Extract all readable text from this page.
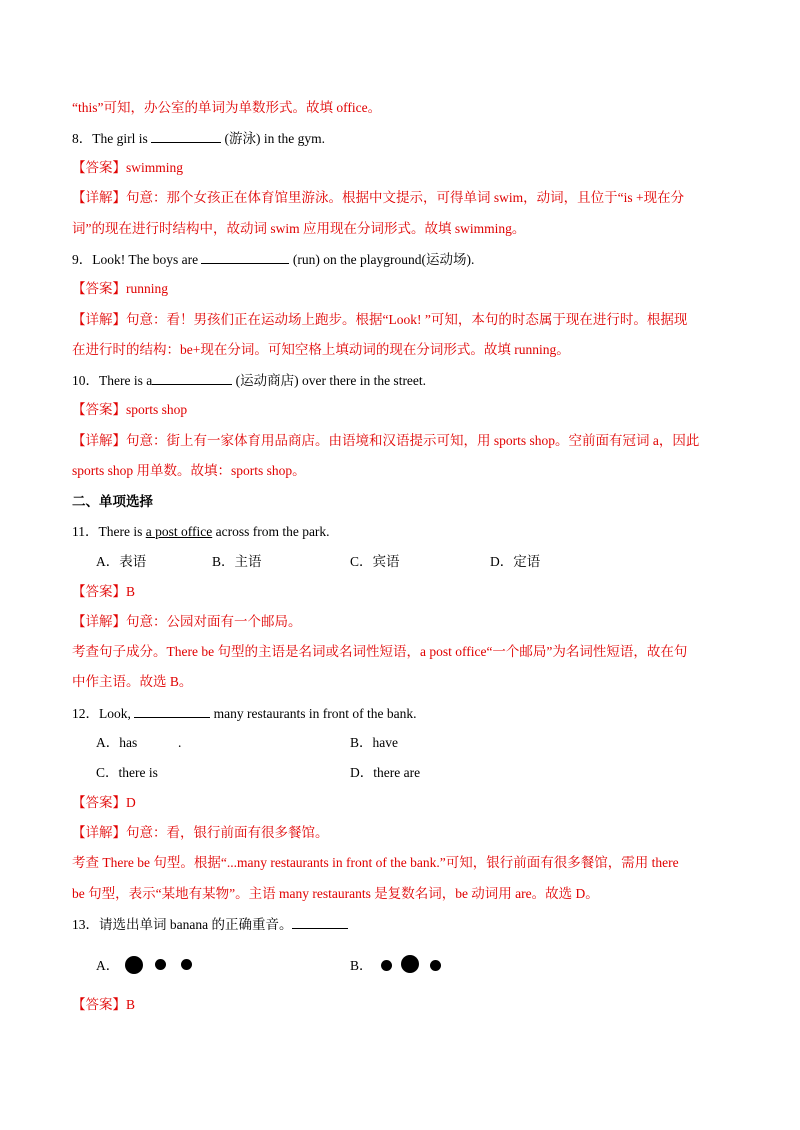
“this”可知，办公室的单词为单数形式。故填 office。
8．The girl is	(游泳) in the gym.
【答案】swimming
【详解】句意：那个女孩正在体育馆里游泳。根据中文提示，可得单词 swim，动词，且位于“is +现在分
词”的现在进行时结构中，故动词 swim 应用现在分词形式。故填 swimming。
9．Look! The boys are	(run) on the playground(运动场).
【答案】running
【详解】句意：看！男孩们正在运动场上跑步。根据“Look! ”可知，本句的时态属于现在进行时。根据现
在进行时的结构：be+现在分词。可知空格上填动词的现在分词形式。故填 running。
10．There is a	(运动商店) over there in the street.
【答案】sports shop
【详解】句意：街上有一家体育用品商店。由语境和汉语提示可知，用 sports shop。空前面有冠词 a，因此
sports shop 用单数。故填：sports shop。
二、单项选择
11．There is a post office across from the park.
A．表语	B．主语	C．宾语	D．定语
【答案】B
【详解】句意：公园对面有一个邮局。
考查句子成分。There be 句型的主语是名词或名词性短语，a post office“一个邮局”为名词性短语，故在句
中作主语。故选 B。
12．Look,	many restaurants in front of the bank.
A．has	.	B．have
C．there is	D．there are
【答案】D
【详解】句意：看，银行前面有很多餐馆。
考查 There be 句型。根据“...many restaurants in front of the bank.”可知，银行前面有很多餐馆，需用 there
be 句型，表示“某地有某物”。主语 many restaurants 是复数名词，be 动词用 are。故选 D。
13．请选出单词 banana 的正确重音。
A．	B．
【答案】B
